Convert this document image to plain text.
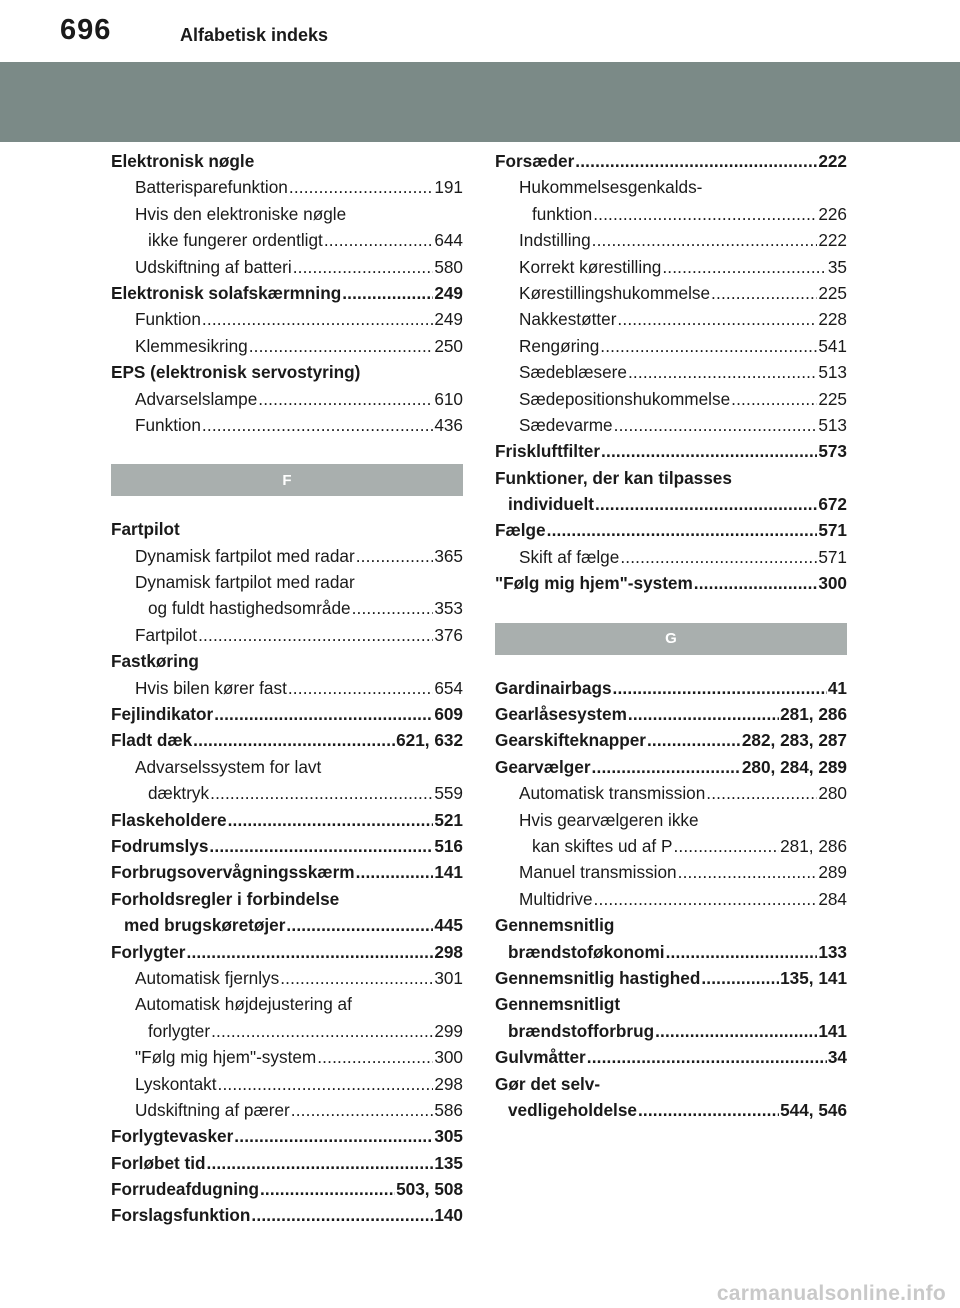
696	Alfabetisk indeks
Elektronisk nøgle
Batterisparefunktion . . .	191
Hvis den elektroniske nøgle
ikke fungerer ordentligt . . .	644
Udskiftning af batteri . . .	580
Elektronisk solafskærmning . . .	249
Funktion . . .	249
Klemmesikring . . .	250
EPS (elektronisk servostyring)
Advarselslampe . . .	610
Funktion . . .	436
F
Fartpilot
Dynamisk fartpilot med radar . . .	365
Dynamisk fartpilot med radar
og fuldt hastighedsområde . . .	353
Fartpilot . . .	376
Fastkøring
Hvis bilen kører fast . . .	654
Fejlindikator . . .	609
Fladt dæk . . .	621, 632
Advarselssystem for lavt
dæktryk . . .	559
Flaskeholdere . . .	521
Fodrumslys . . .	516
Forbrugsovervågningsskærm . . .	141
Forholdsregler i forbindelse
med brugskøretøjer . . .	445
Forlygter . . .	298
Automatisk fjernlys . . .	301
Automatisk højdejustering af
forlygter . . .	299
"Følg mig hjem"-system . . .	300
Lyskontakt . . .	298
Udskiftning af pærer . . .	586
Forlygtevasker . . .	305
Forløbet tid . . .	135
Forrudeafdugning . . .	503, 508
Forslagsfunktion . . .	140
Forsæder . . .	222
Hukommelsesgenkalds-
funktion . . .	226
Indstilling . . .	222
Korrekt kørestilling . . .	35
Kørestillingshukommelse . . .	225
Nakkestøtter . . .	228
Rengøring . . .	541
Sædeblæsere . . .	513
Sædepositionshukommelse . . .	225
Sædevarme . . .	513
Friskluftfilter . . .	573
Funktioner, der kan tilpasses
individuelt . . .	672
Fælge . . .	571
Skift af fælge . . .	571
"Følg mig hjem"-system . . .	300
G
Gardinairbags . . .	41
Gearlåsesystem . . .	281, 286
Gearskifteknapper . . .	282, 283, 287
Gearvælger . . .	280, 284, 289
Automatisk transmission . . .	280
Hvis gearvælgeren ikke
kan skiftes ud af P . . .	281, 286
Manuel transmission . . .	289
Multidrive . . .	284
Gennemsnitlig
brændstoføkonomi . . .	133
Gennemsnitlig hastighed . . .	135, 141
Gennemsnitligt
brændstofforbrug . . .	141
Gulvmåtter . . .	34
Gør det selv-
vedligeholdelse . . .	544, 546
carmanualsonline.info
